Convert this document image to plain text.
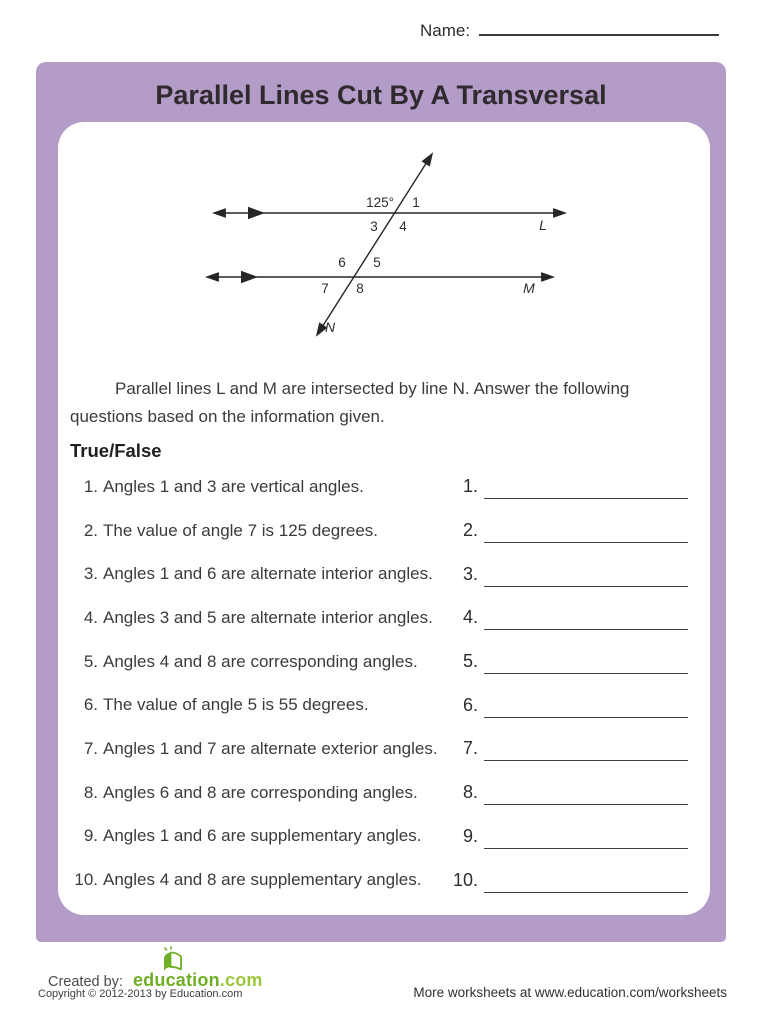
Name:
Parallel Lines Cut By A Transversal
125° 1
3 4
6 5
7 8
L
M
N
Parallel lines L and M are intersected by line N. Answer the following questions based on the information given.
True/False
1. Angles 1 and 3 are vertical angles.	1.
2. The value of angle 7 is 125 degrees.	2.
3. Angles 1 and 6 are alternate interior angles.	3.
4. Angles 3 and 5 are alternate interior angles.	4.
5. Angles 4 and 8 are corresponding angles.	5.
6. The value of angle 5 is 55 degrees.	6.
7. Angles 1 and 7 are alternate exterior angles.	7.
8. Angles 6 and 8 are corresponding angles.	8.
9. Angles 1 and 6 are supplementary angles.	9.
10. Angles 4 and 8 are supplementary angles. 10.
Created by: education.com
Copyright © 2012-2013 by Education.com	More worksheets at www.education.com/worksheets
